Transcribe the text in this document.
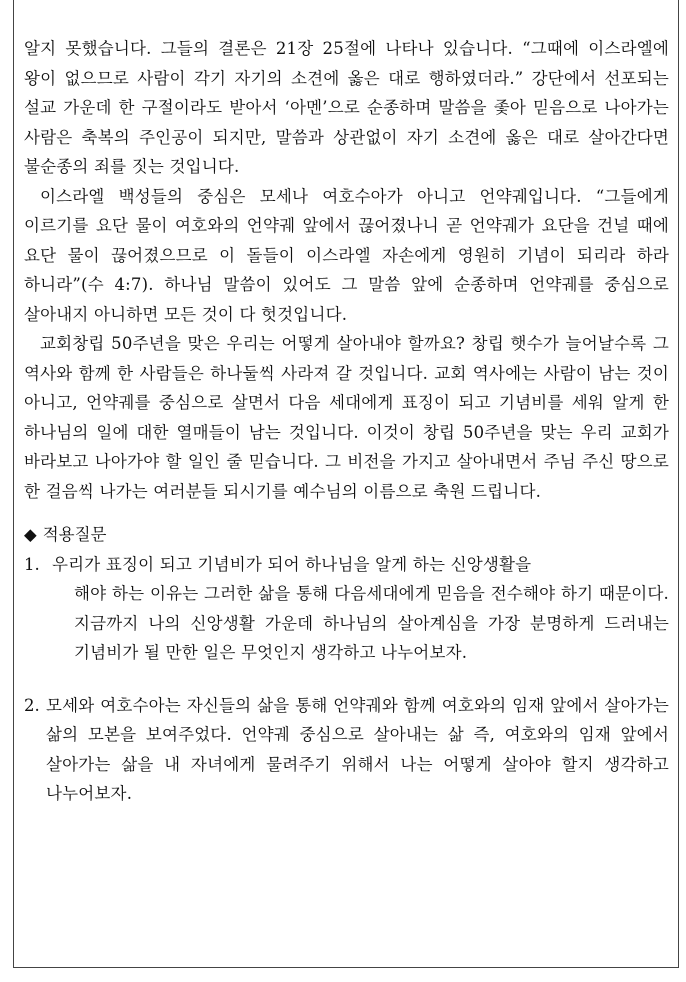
알지 못했습니다. 그들의 결론은 21장 25절에 나타나 있습니다. “그때에 이스라엘에 왕이 없으므로 사람이 각기 자기의 소견에 옳은 대로 행하였더라.” 강단에서 선포되는 설교 가운데 한 구절이라도 받아서 ‘아멘’으로 순종하며 말씀을 좇아 믿음으로 나아가는 사람은 축복의 주인공이 되지만, 말씀과 상관없이 자기 소견에 옳은 대로 살아간다면 불순종의 죄를 짓는 것입니다.

이스라엘 백성들의 중심은 모세나 여호수아가 아니고 언약궤입니다. “그들에게 이르기를 요단 물이 여호와의 언약궤 앞에서 끊어졌나니 곧 언약궤가 요단을 건널 때에 요단 물이 끊어졌으므로 이 돌들이 이스라엘 자손에게 영원히 기념이 되리라 하라 하니라”(수 4:7). 하나님 말씀이 있어도 그 말씀 앞에 순종하며 언약궤를 중심으로 살아내지 아니하면 모든 것이 다 헛것입니다.

교회창립 50주년을 맞은 우리는 어떻게 살아내야 할까요? 창립 햇수가 늘어날수록 그 역사와 함께 한 사람들은 하나둘씩 사라져 갈 것입니다. 교회 역사에는 사람이 남는 것이 아니고, 언약궤를 중심으로 살면서 다음 세대에게 표징이 되고 기념비를 세워 알게 한 하나님의 일에 대한 열매들이 남는 것입니다. 이것이 창립 50주년을 맞는 우리 교회가 바라보고 나아가야 할 일인 줄 믿습니다. 그 비전을 가지고 살아내면서 주님 주신 땅으로 한 걸음씩 나가는 여러분들 되시기를 예수님의 이름으로 축원 드립니다.

◆ 적용질문
1. 우리가 표징이 되고 기념비가 되어 하나님을 알게 하는 신앙생활을
해야 하는 이유는 그러한 삶을 통해 다음세대에게 믿음을 전수해야 하기 때문이다. 지금까지 나의 신앙생활 가운데 하나님의 살아계심을 가장 분명하게 드러내는 기념비가 될 만한 일은 무엇인지 생각하고 나누어보자.
2. 모세와 여호수아는 자신들의 삶을 통해 언약궤와 함께 여호와의 임재 앞에서 살아가는 삶의 모본을 보여주었다. 언약궤 중심으로 살아내는 삶 즉, 여호와의 임재 앞에서 살아가는 삶을 내 자녀에게 물려주기 위해서 나는 어떻게 살아야 할지 생각하고 나누어보자.
